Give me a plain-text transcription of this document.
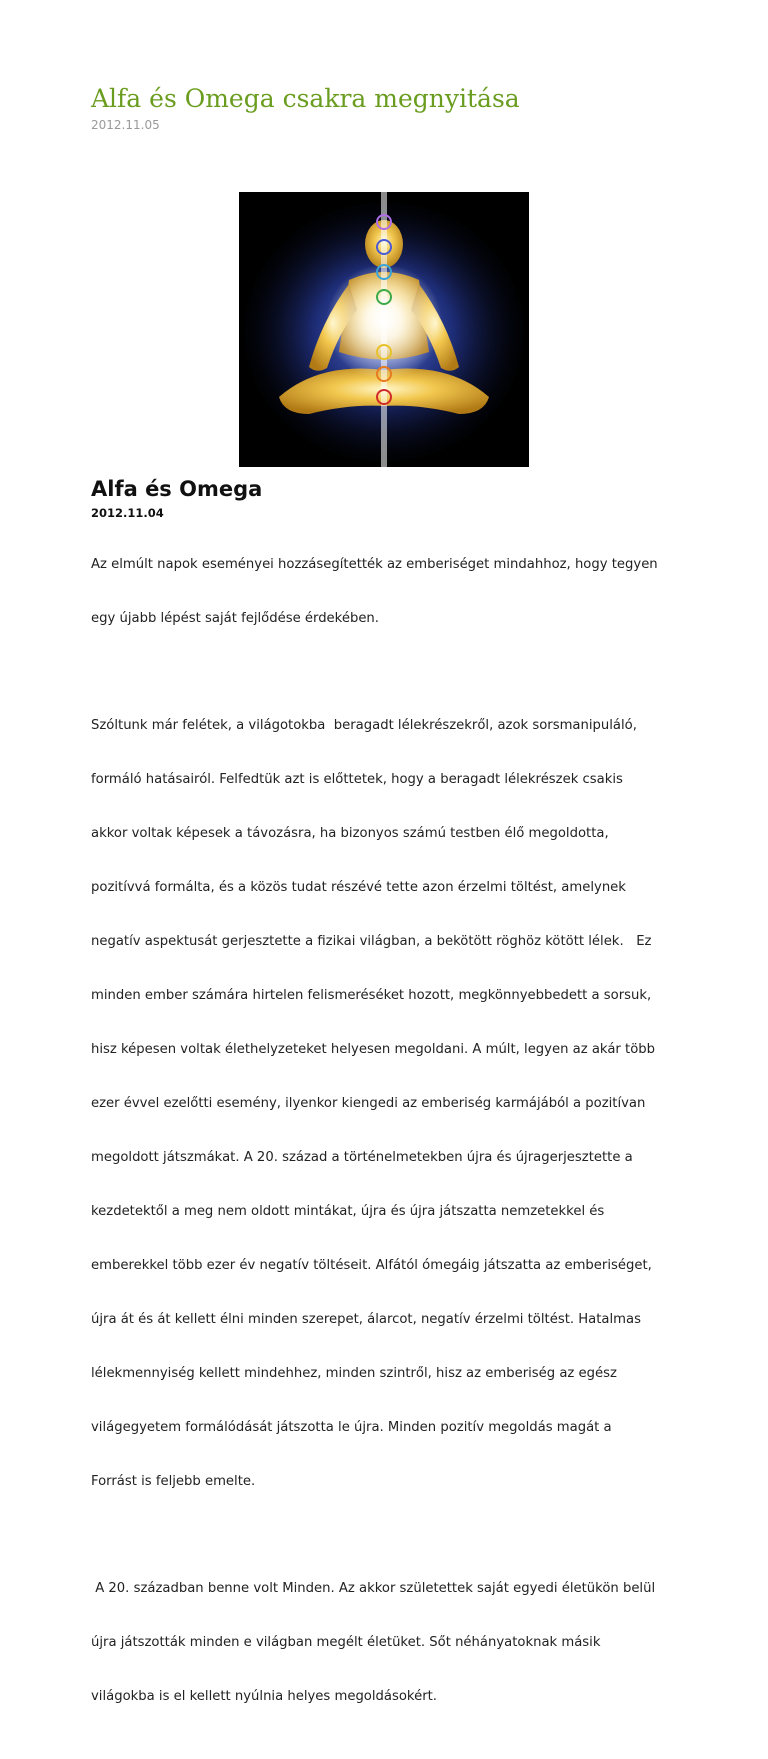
Alfa és Omega csakra megnyitása
2012.11.05
Alfa és Omega
2012.11.04

Az elmúlt napok eseményei hozzásegítették az emberiséget mindahhoz, hogy tegyen

egy újabb lépést saját fejlődése érdekében.

Szóltunk már felétek, a világotokba  beragadt lélekrészekről, azok sorsmanipuláló,

formáló hatásairól. Felfedtük azt is előttetek, hogy a beragadt lélekrészek csakis

akkor voltak képesek a távozásra, ha bizonyos számú testben élő megoldotta,

pozitívvá formálta, és a közös tudat részévé tette azon érzelmi töltést, amelynek

negatív aspektusát gerjesztette a fizikai világban, a bekötött röghöz kötött lélek.   Ez

minden ember számára hirtelen felismeréséket hozott, megkönnyebbedett a sorsuk,

hisz képesen voltak élethelyzeteket helyesen megoldani. A múlt, legyen az akár több

ezer évvel ezelőtti esemény, ilyenkor kiengedi az emberiség karmájából a pozitívan

megoldott játszmákat. A 20. század a történelmetekben újra és újragerjesztette a

kezdetektől a meg nem oldott mintákat, újra és újra játszatta nemzetekkel és

emberekkel több ezer év negatív töltéseit. Alfától ómegáig játszatta az emberiséget,

újra át és át kellett élni minden szerepet, álarcot, negatív érzelmi töltést. Hatalmas

lélekmennyiség kellett mindehhez, minden szintről, hisz az emberiség az egész

világegyetem formálódását játszotta le újra. Minden pozitív megoldás magát a

Forrást is feljebb emelte.

A 20. században benne volt Minden. Az akkor születettek saját egyedi életükön belül

újra játszották minden e világban megélt életüket. Sőt néhányatoknak másik

világokba is el kellett nyúlnia helyes megoldásokért.
